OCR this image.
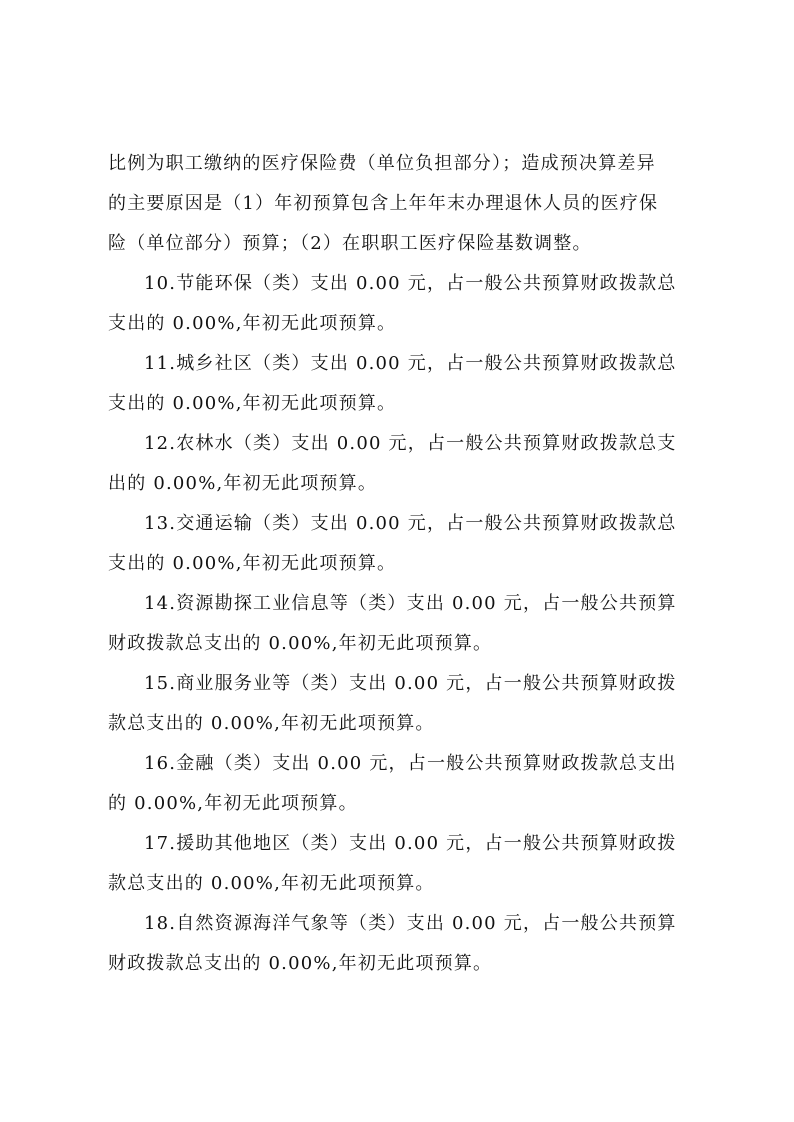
比例为职工缴纳的医疗保险费（单位负担部分）；造成预决算差异

的主要原因是（1）年初预算包含上年年末办理退休人员的医疗保

险（单位部分）预算；（2）在职职工医疗保险基数调整。

10.节能环保（类）支出 0.00 元，占一般公共预算财政拨款总

支出的 0.00%,年初无此项预算。

11.城乡社区（类）支出 0.00 元，占一般公共预算财政拨款总

支出的 0.00%,年初无此项预算。

12.农林水（类）支出 0.00 元，占一般公共预算财政拨款总支

出的 0.00%,年初无此项预算。

13.交通运输（类）支出 0.00 元，占一般公共预算财政拨款总

支出的 0.00%,年初无此项预算。

14.资源勘探工业信息等（类）支出 0.00 元，占一般公共预算

财政拨款总支出的 0.00%,年初无此项预算。

15.商业服务业等（类）支出 0.00 元，占一般公共预算财政拨

款总支出的 0.00%,年初无此项预算。

16.金融（类）支出 0.00 元，占一般公共预算财政拨款总支出

的 0.00%,年初无此项预算。

17.援助其他地区（类）支出 0.00 元，占一般公共预算财政拨

款总支出的 0.00%,年初无此项预算。

18.自然资源海洋气象等（类）支出 0.00 元，占一般公共预算

财政拨款总支出的 0.00%,年初无此项预算。
